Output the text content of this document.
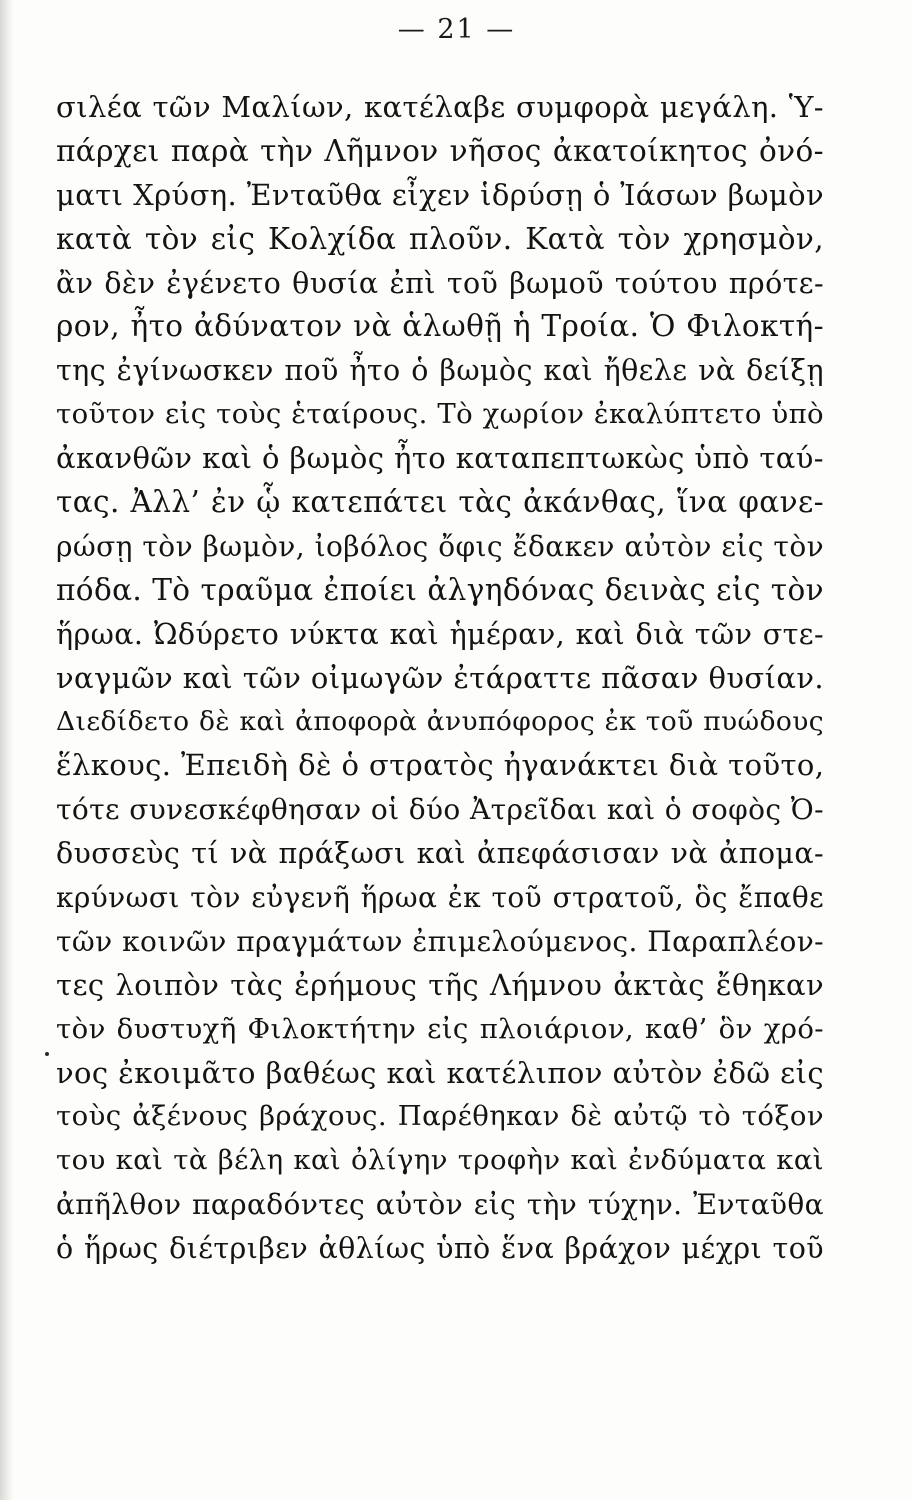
— 21 —
σιλέα τῶν Μαλίων, κατέλαβε συμφορὰ μεγάλη. Ὑ-
πάρχει παρὰ τὴν Λῆμνον νῆσος ἀκατοίκητος ὀνό-
ματι Χρύση. Ἐνταῦθα εἶχεν ἱδρύσῃ ὁ Ἰάσων βωμὸν
κατὰ τὸν εἰς Κολχίδα πλοῦν. Κατὰ τὸν χρησμὸν,
ἂν δὲν ἐγένετο θυσία ἐπὶ τοῦ βωμοῦ τούτου πρότε-
ρον, ἦτο ἀδύνατον νὰ ἁλωθῇ ἡ Τροία. Ὁ Φιλοκτή-
της ἐγίνωσκεν ποῦ ἦτο ὁ βωμὸς καὶ ἤθελε νὰ δείξῃ
τοῦτον εἰς τοὺς ἑταίρους. Τὸ χωρίον ἐκαλύπτετο ὑπὸ
ἀκανθῶν καὶ ὁ βωμὸς ἦτο καταπεπτωκὼς ὑπὸ ταύ-
τας. Ἀλλ’ ἐν ᾧ κατεπάτει τὰς ἀκάνθας, ἵνα φανε-
ρώσῃ τὸν βωμὸν, ἰοβόλος ὄφις ἔδακεν αὐτὸν εἰς τὸν
πόδα. Τὸ τραῦμα ἐποίει ἀλγηδόνας δεινὰς εἰς τὸν
ἥρωα. Ὠδύρετο νύκτα καὶ ἡμέραν, καὶ διὰ τῶν στε-
ναγμῶν καὶ τῶν οἰμωγῶν ἐτάραττε πᾶσαν θυσίαν.
Διεδίδετο δὲ καὶ ἀποφορὰ ἀνυπόφορος ἐκ τοῦ πυώδους
ἕλκους. Ἐπειδὴ δὲ ὁ στρατὸς ἠγανάκτει διὰ τοῦτο,
τότε συνεσκέφθησαν οἱ δύο Ἀτρεῖδαι καὶ ὁ σοφὸς Ὀ-
δυσσεὺς τί νὰ πράξωσι καὶ ἀπεφάσισαν νὰ ἀπομα-
κρύνωσι τὸν εὐγενῆ ἥρωα ἐκ τοῦ στρατοῦ, ὃς ἔπαθε
τῶν κοινῶν πραγμάτων ἐπιμελούμενος. Παραπλέον-
τες λοιπὸν τὰς ἐρήμους τῆς Λήμνου ἀκτὰς ἔθηκαν
τὸν δυστυχῆ Φιλοκτήτην εἰς πλοιάριον, καθ’ ὃν χρό-
νος ἐκοιμᾶτο βαθέως καὶ κατέλιπον αὐτὸν ἐδῶ εἰς
τοὺς ἀξένους βράχους. Παρέθηκαν δὲ αὐτῷ τὸ τόξον
του καὶ τὰ βέλη καὶ ὀλίγην τροφὴν καὶ ἐνδύματα καὶ
ἀπῆλθον παραδόντες αὐτὸν εἰς τὴν τύχην. Ἐνταῦθα
ὁ ἥρως διέτριβεν ἀθλίως ὑπὸ ἕνα βράχον μέχρι τοῦ
